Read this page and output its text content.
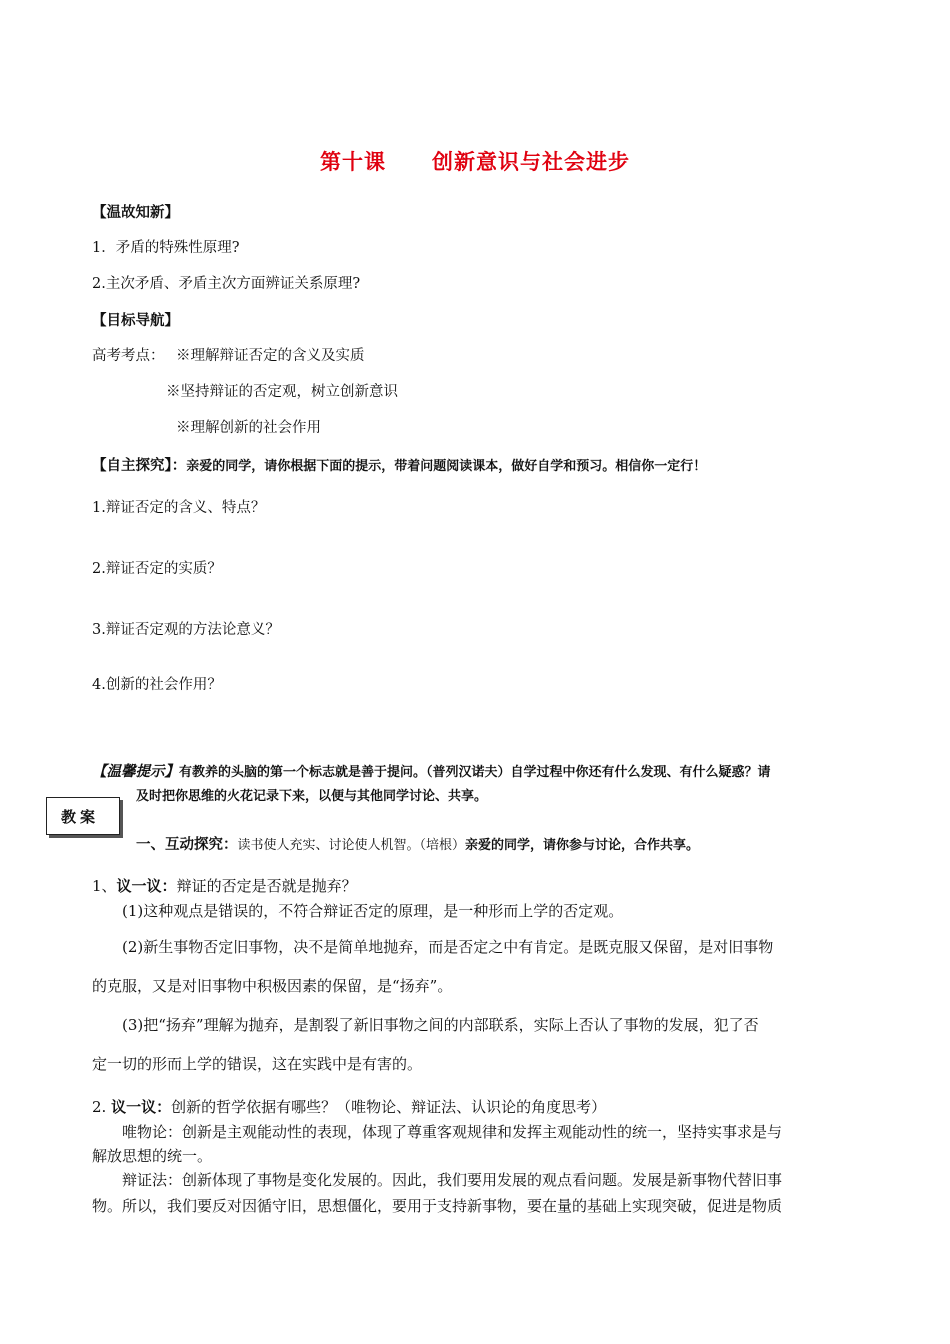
第十课 创新意识与社会进步
【温故知新】
1．矛盾的特殊性原理?
2.主次矛盾、矛盾主次方面辨证关系原理?
【目标导航】
高考考点： ※理解辩证否定的含义及实质
※坚持辩证的否定观，树立创新意识
※理解创新的社会作用
【自主探究】：亲爱的同学，请你根据下面的提示，带着问题阅读课本，做好自学和预习。相信你一定行！
1.辩证否定的含义、特点？
2.辩证否定的实质？
3.辩证否定观的方法论意义？
4.创新的社会作用？
【温馨提示】有教养的头脑的第一个标志就是善于提问。（普列汉诺夫）自学过程中你还有什么发现、有什么疑惑？请
及时把你思维的火花记录下来，以便与其他同学讨论、共享。
教案
一、互动探究：读书使人充实、讨论使人机智。（培根）亲爱的同学，请你参与讨论，合作共享。
1、议一议：辩证的否定是否就是抛弃？
(1)这种观点是错误的，不符合辩证否定的原理，是一种形而上学的否定观。
(2)新生事物否定旧事物，决不是简单地抛弃，而是否定之中有肯定。是既克服又保留，是对旧事物
的克服，又是对旧事物中积极因素的保留，是“扬弃”。
(3)把“扬弃”理解为抛弃，是割裂了新旧事物之间的内部联系，实际上否认了事物的发展，犯了否
定一切的形而上学的错误，这在实践中是有害的。
2. 议一议：创新的哲学依据有哪些？（唯物论、辩证法、认识论的角度思考）
唯物论：创新是主观能动性的表现，体现了尊重客观规律和发挥主观能动性的统一，坚持实事求是与
解放思想的统一。
辩证法：创新体现了事物是变化发展的。因此，我们要用发展的观点看问题。发展是新事物代替旧事
物。所以，我们要反对因循守旧，思想僵化，要用于支持新事物，要在量的基础上实现突破，促进是物质
